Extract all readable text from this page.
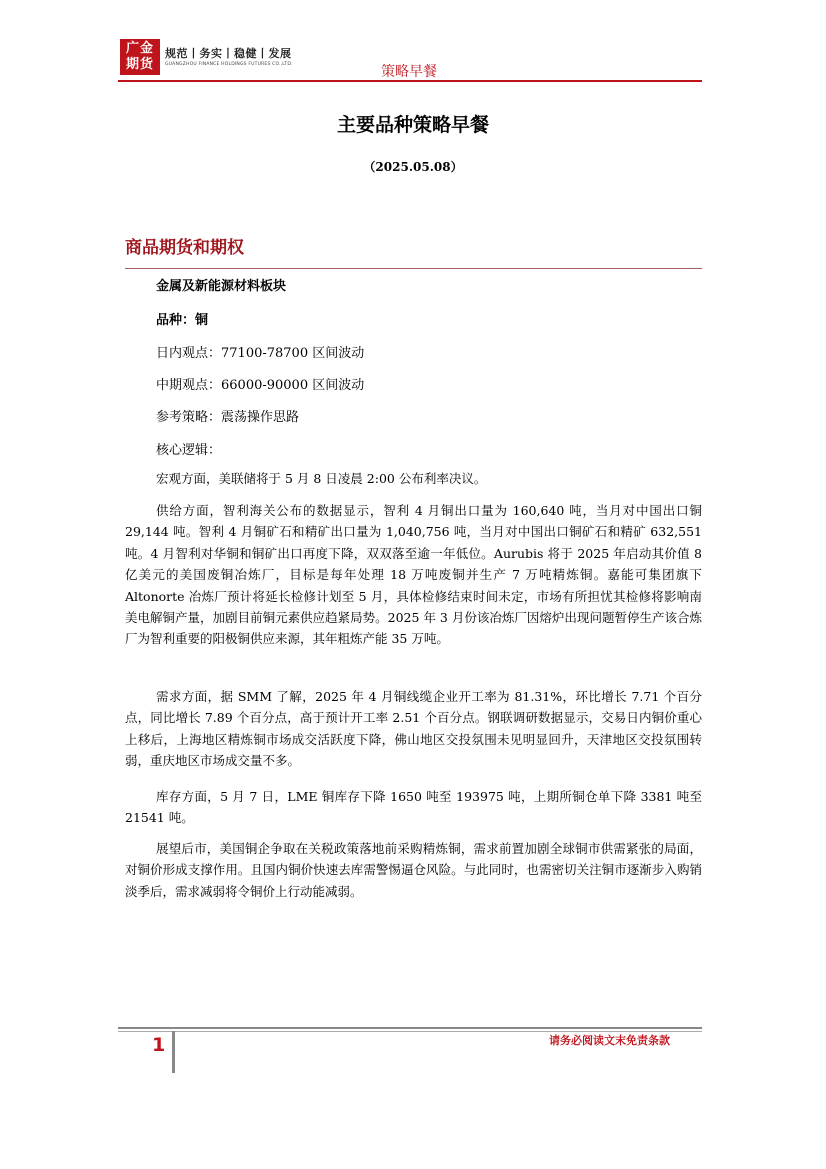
广金
期货
规范丨务实丨稳健丨发展
GUANGZHOU FINANCE HOLDINGS FUTURES CO.,LTD.	策略早餐
主要品种策略早餐
（2025.05.08）
商品期货和期权
金属及新能源材料板块
品种：铜
日内观点：77100-78700 区间波动
中期观点：66000-90000 区间波动
参考策略：震荡操作思路
核心逻辑：
宏观方面，美联储将于 5 月 8 日凌晨 2:00 公布利率决议。
供给方面，智利海关公布的数据显示，智利 4 月铜出口量为 160,640 吨，当月对中国出口铜 29,144 吨。智利 4 月铜矿石和精矿出口量为 1,040,756 吨，当月对中国出口铜矿石和精矿 632,551 吨。4 月智利对华铜和铜矿出口再度下降，双双落至逾一年低位。Aurubis 将于 2025 年启动其价值 8 亿美元的美国废铜冶炼厂，目标是每年处理 18 万吨废铜并生产 7 万吨精炼铜。嘉能可集团旗下 Altonorte 冶炼厂预计将延长检修计划至 5 月，具体检修结束时间未定，市场有所担忧其检修将影响南美电解铜产量，加剧目前铜元素供应趋紧局势。2025 年 3 月份该冶炼厂因熔炉出现问题暂停生产该合炼厂为智利重要的阳极铜供应来源，其年粗炼产能 35 万吨。
需求方面，据 SMM 了解，2025 年 4 月铜线缆企业开工率为 81.31%，环比增长 7.71 个百分点，同比增长 7.89 个百分点，高于预计开工率 2.51 个百分点。钢联调研数据显示，交易日内铜价重心上移后，上海地区精炼铜市场成交活跃度下降，佛山地区交投氛围未见明显回升，天津地区交投氛围转弱，重庆地区市场成交量不多。
库存方面，5 月 7 日，LME 铜库存下降 1650 吨至 193975 吨，上期所铜仓单下降 3381 吨至 21541 吨。
展望后市，美国铜企争取在关税政策落地前采购精炼铜，需求前置加剧全球铜市供需紧张的局面，对铜价形成支撑作用。且国内铜价快速去库需警惕逼仓风险。与此同时，也需密切关注铜市逐渐步入购销淡季后，需求减弱将令铜价上行动能减弱。
1	请务必阅读文末免责条款
